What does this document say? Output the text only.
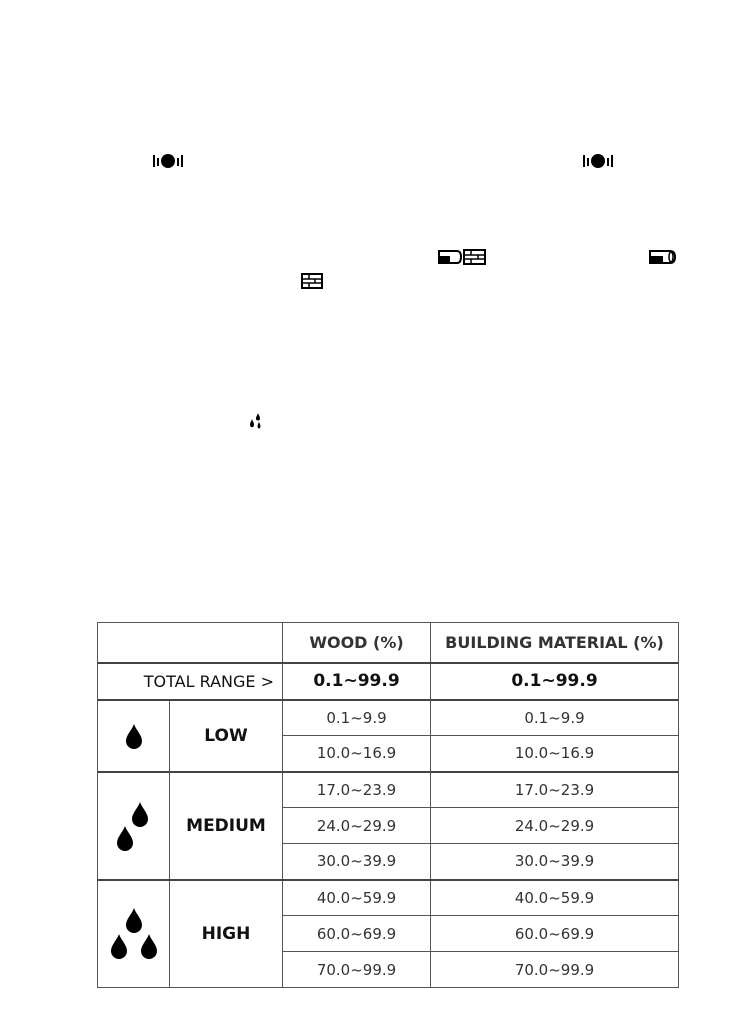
		WOOD (%)	BUILDING MATERIAL (%)
TOTAL RANGE >		0.1~99.9	0.1~99.9

	LOW	0.1~9.9	0.1~9.9
		10.0~16.9	10.0~16.9

	MEDIUM	17.0~23.9	17.0~23.9
		24.0~29.9	24.0~29.9
		30.0~39.9	30.0~39.9

	HIGH	40.0~59.9	40.0~59.9
		60.0~69.9	60.0~69.9
		70.0~99.9	70.0~99.9
